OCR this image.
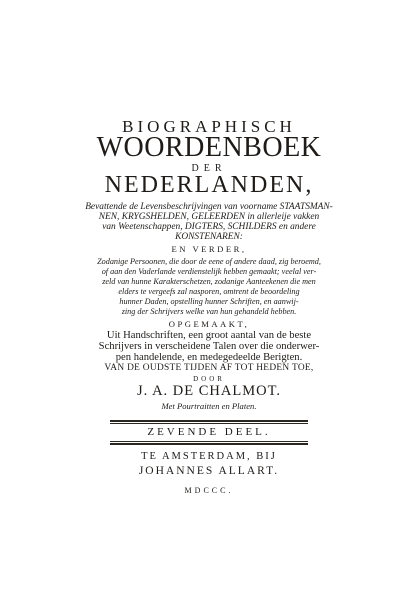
BIOGRAPHISCH
WOORDENBOEK
DER
NEDERLANDEN,
Bevattende de Levensbeschrijvingen van voorname STAATSMAN-
NEN, KRYGSHELDEN, GELEERDEN in allerleije vakken
van Weetenschappen, DIGTERS, SCHILDERS en andere
KONSTENAREN:
EN VERDER,
Zodanige Persoonen, die door de eene of andere daad, zig beroemd,
of aan den Vaderlande verdienstelijk hebben gemaakt; veelal ver-
zeld van hunne Karakterschetzen, zodanige Aanteekenen die men
elders te vergeefs zal nasporen, omtrent de beoordeling
hunner Daden, opstelling hunner Schriften, en aanwij-
zing der Schrijvers welke van hun gehandeld hebben.
OPGEMAAKT,
Uit Handschriften, een groot aantal van de beste
Schrijvers in verscheidene Talen over die onderwer-
pen handelende, en medegedeelde Berigten.
VAN DE OUDSTE TIJDEN AF TOT HEDEN TOE,
DOOR
J. A. DE CHALMOT.
Met Pourtraitten en Platen.
ZEVENDE DEEL.
TE AMSTERDAM, BIJ
JOHANNES ALLART.
MDCCC.
